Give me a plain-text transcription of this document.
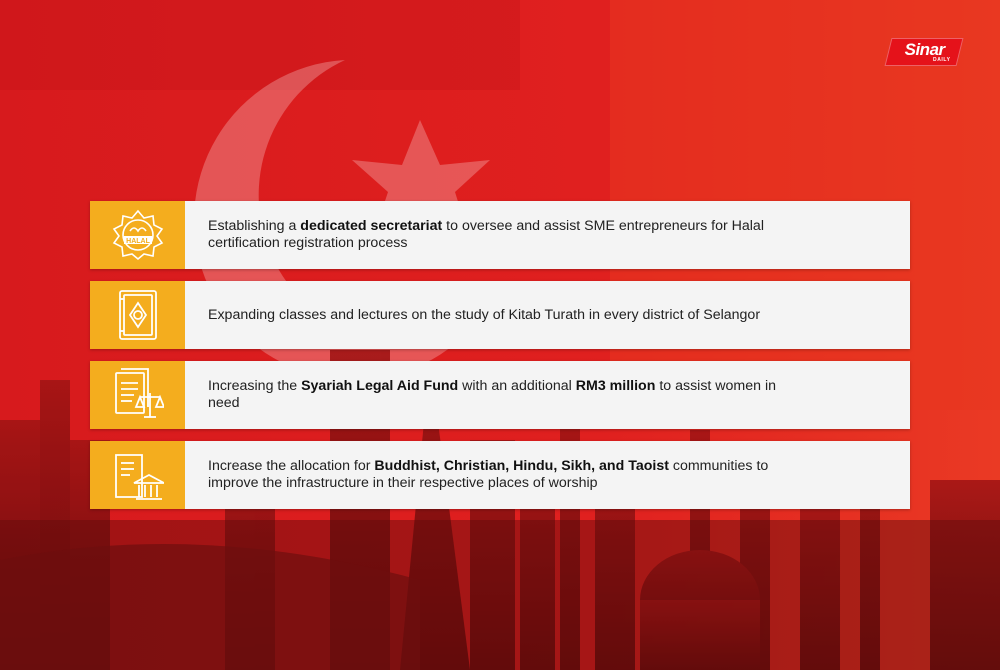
Sinar
DAILY
HALAL
Establishing a dedicated secretariat to oversee and assist SME entrepreneurs for Halal certification registration process
Expanding classes and lectures on the study of Kitab Turath in every district of Selangor
Increasing the Syariah Legal Aid Fund with an additional RM3 million to assist women in need
Increase the allocation for Buddhist, Christian, Hindu, Sikh, and Taoist communities to improve the infrastructure in their respective places of worship
